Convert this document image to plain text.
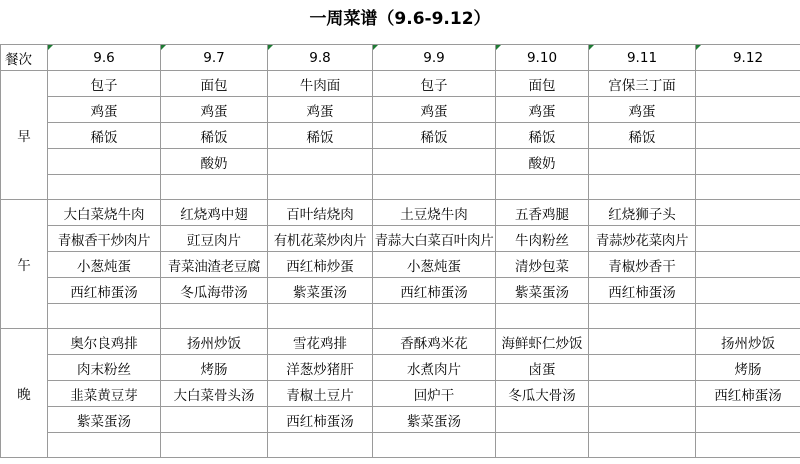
一周菜谱（9.6-9.12）
餐次	9.6	9.7	9.8	9.9	9.10	9.11	9.12
早	包子	面包	牛肉面	包子	面包	宫保三丁面	
	鸡蛋	鸡蛋	鸡蛋	鸡蛋	鸡蛋	鸡蛋	
	稀饭	稀饭	稀饭	稀饭	稀饭	稀饭	
		酸奶			酸奶		

午	大白菜烧牛肉	红烧鸡中翅	百叶结烧肉	土豆烧牛肉	五香鸡腿	红烧狮子头	
	青椒香干炒肉片	豇豆肉片	有机花菜炒肉片	青蒜大白菜百叶肉片	牛肉粉丝	青蒜炒花菜肉片	
	小葱炖蛋	青菜油渣老豆腐	西红柿炒蛋	小葱炖蛋	清炒包菜	青椒炒香干	
	西红柿蛋汤	冬瓜海带汤	紫菜蛋汤	西红柿蛋汤	紫菜蛋汤	西红柿蛋汤	

晚	奥尔良鸡排	扬州炒饭	雪花鸡排	香酥鸡米花	海鲜虾仁炒饭		扬州炒饭
	肉末粉丝	烤肠	洋葱炒猪肝	水煮肉片	卤蛋		烤肠
	韭菜黄豆芽	大白菜骨头汤	青椒土豆片	回炉干	冬瓜大骨汤		西红柿蛋汤
	紫菜蛋汤		西红柿蛋汤	紫菜蛋汤			
